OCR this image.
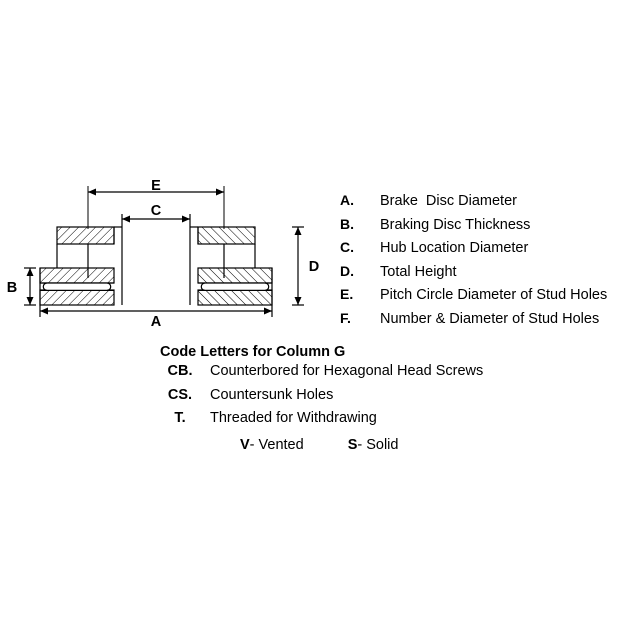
E
C
A
D
B
A.	Brake  Disc Diameter
B.	Braking Disc Thickness
C.	Hub Location Diameter
D.	Total Height
E.	Pitch Circle Diameter of Stud Holes
F.	Number & Diameter of Stud Holes
Code Letters for Column G
CB.	Counterbored for Hexagonal Head Screws
CS.	Countersunk Holes
T.	Threaded for Withdrawing
V- Vented	S- Solid
